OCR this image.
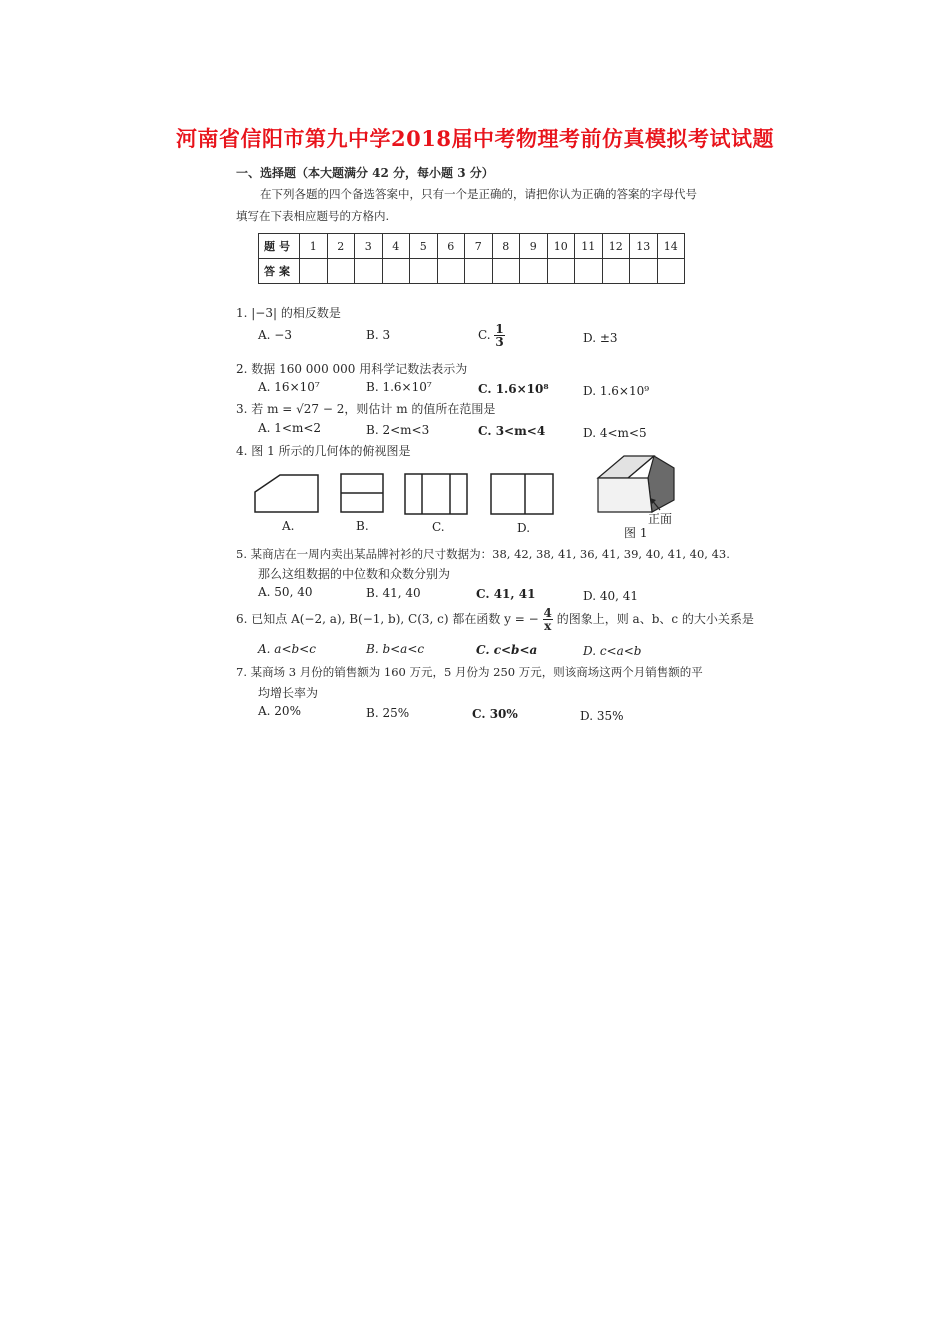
河南省信阳市第九中学2018届中考物理考前仿真模拟考试试题
一、选择题（本大题满分 42 分，每小题 3 分）
在下列各题的四个备选答案中，只有一个是正确的，请把你认为正确的答案的字母代号
填写在下表相应题号的方格内.
题号	1	2	3	4	5	6	7	8	9	10	11	12	13	14
答案														
1. |−3| 的相反数是
A. −3	B. 3	C. $\frac{1}{3}$	D. ±3
2. 数据 160 000 000 用科学记数法表示为
A. 16×10⁷	B. 1.6×10⁷	C. 1.6×10⁸	D. 1.6×10⁹
3. 若 m = √27 − 2，则估计 m 的值所在范围是
A. 1<m<2	B. 2<m<3	C. 3<m<4	D. 4<m<5
4. 图 1 所示的几何体的俯视图是
A.	B.	C.	D.	图 1
正面
5. 某商店在一周内卖出某品牌衬衫的尺寸数据为：38, 42, 38, 41, 36, 41, 39, 40, 41, 40, 43.
那么这组数据的中位数和众数分别为
A. 50, 40	B. 41, 40	C. 41, 41	D. 40, 41
6. 已知点 A(−2, a), B(−1, b), C(3, c) 都在函数 y = − $\frac{4}{x}$ 的图象上，则 a、b、c 的大小关系是
A. a<b<c	B. b<a<c	C. c<b<a	D. c<a<b
7. 某商场 3 月份的销售额为 160 万元，5 月份为 250 万元，则该商场这两个月销售额的平
均增长率为
A. 20%	B. 25%	C. 30%	D. 35%
